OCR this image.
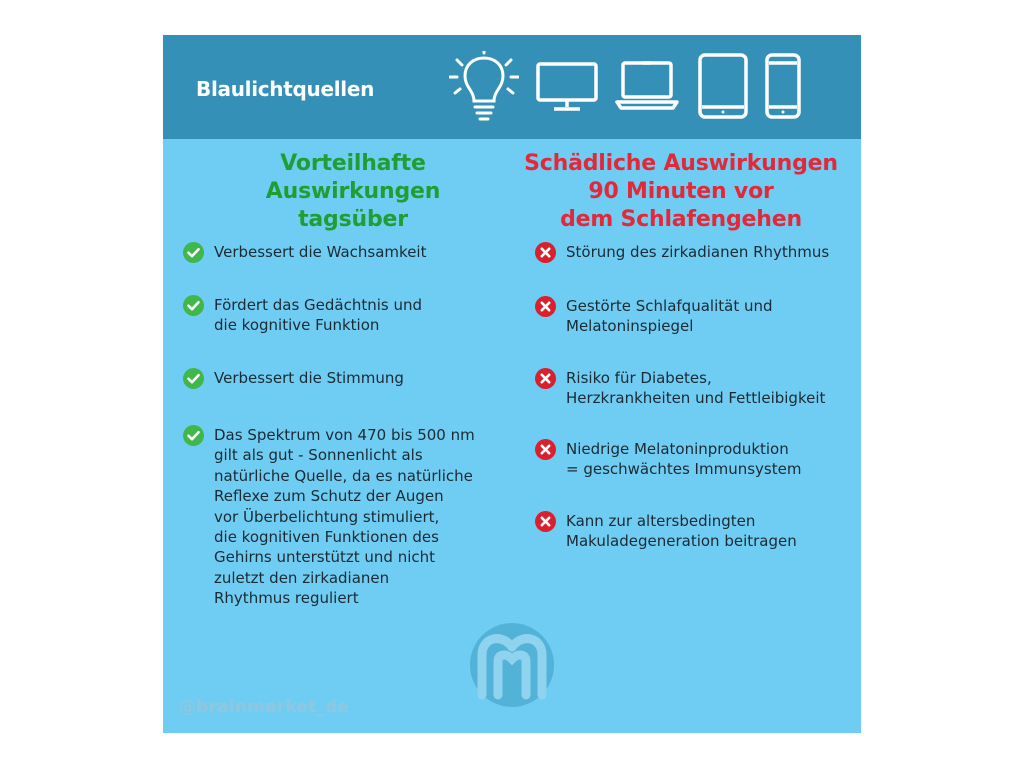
Blaulichtquellen
Vorteilhafte
Auswirkungen
tagsüber
Schädliche Auswirkungen
90 Minuten vor
dem Schlafengehen
Verbessert die Wachsamkeit
Fördert das Gedächtnis und
die kognitive Funktion
Verbessert die Stimmung
Das Spektrum von 470 bis 500 nm
gilt als gut - Sonnenlicht als
natürliche Quelle, da es natürliche
Reflexe zum Schutz der Augen
vor Überbelichtung stimuliert,
die kognitiven Funktionen des
Gehirns unterstützt und nicht
zuletzt den zirkadianen
Rhythmus reguliert
Störung des zirkadianen Rhythmus
Gestörte Schlafqualität und
Melatoninspiegel
Risiko für Diabetes,
Herzkrankheiten und Fettleibigkeit
Niedrige Melatoninproduktion
= geschwächtes Immunsystem
Kann zur altersbedingten
Makuladegeneration beitragen
@brainmarket_de
